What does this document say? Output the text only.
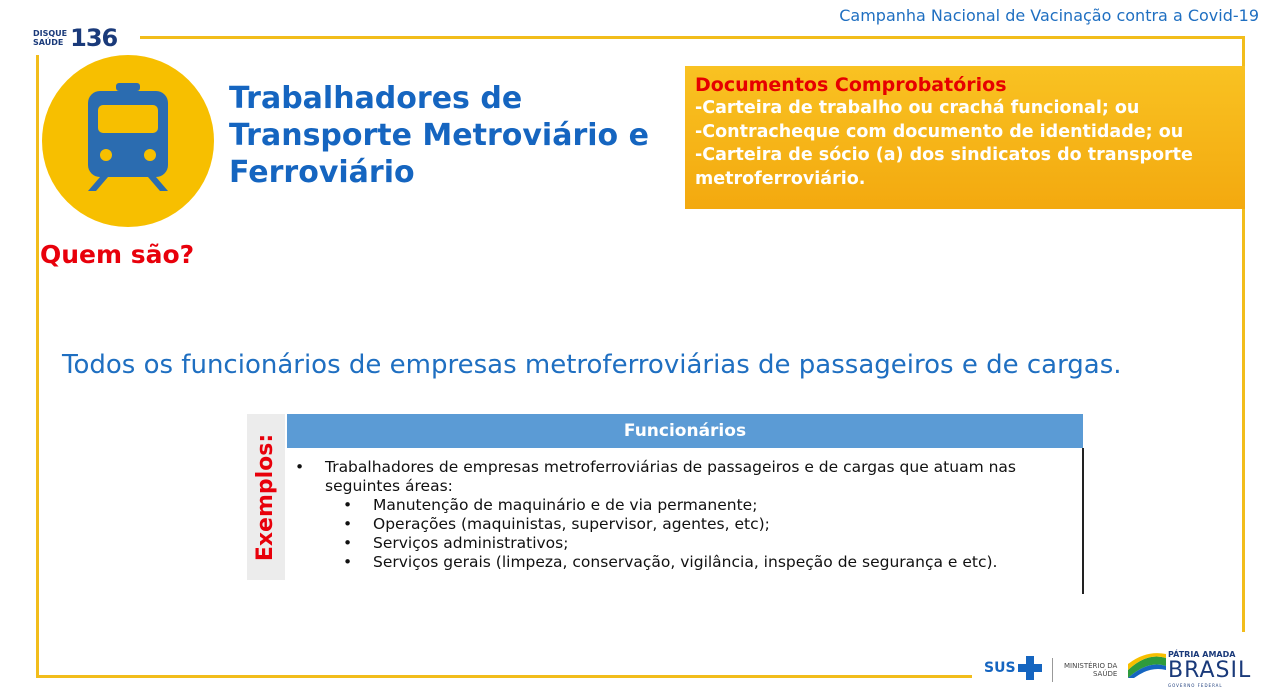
Campanha Nacional de Vacinação contra a Covid-19
DISQUE
SAÚDE 136
Trabalhadores de
Transporte Metroviário e
Ferroviário
Documentos Comprobatórios
-Carteira de trabalho ou crachá funcional; ou
-Contracheque com documento de identidade; ou
-Carteira de sócio (a) dos sindicatos do transporte
metroferroviário.
Quem são?
Todos os funcionários de empresas metroferroviárias de passageiros e de cargas.
Exemplos:
Funcionários
•	Trabalhadores de empresas metroferroviárias de passageiros e de cargas que atuam nas
seguintes áreas:
•	Manutenção de maquinário e de via permanente;
•	Operações (maquinistas, supervisor, agentes, etc);
•	Serviços administrativos;
•	Serviços gerais (limpeza, conservação, vigilância, inspeção de segurança e etc).
SUS	MINISTÉRIO DA
SAÚDE
PÁTRIA AMADA
BRASIL
GOVERNO FEDERAL
